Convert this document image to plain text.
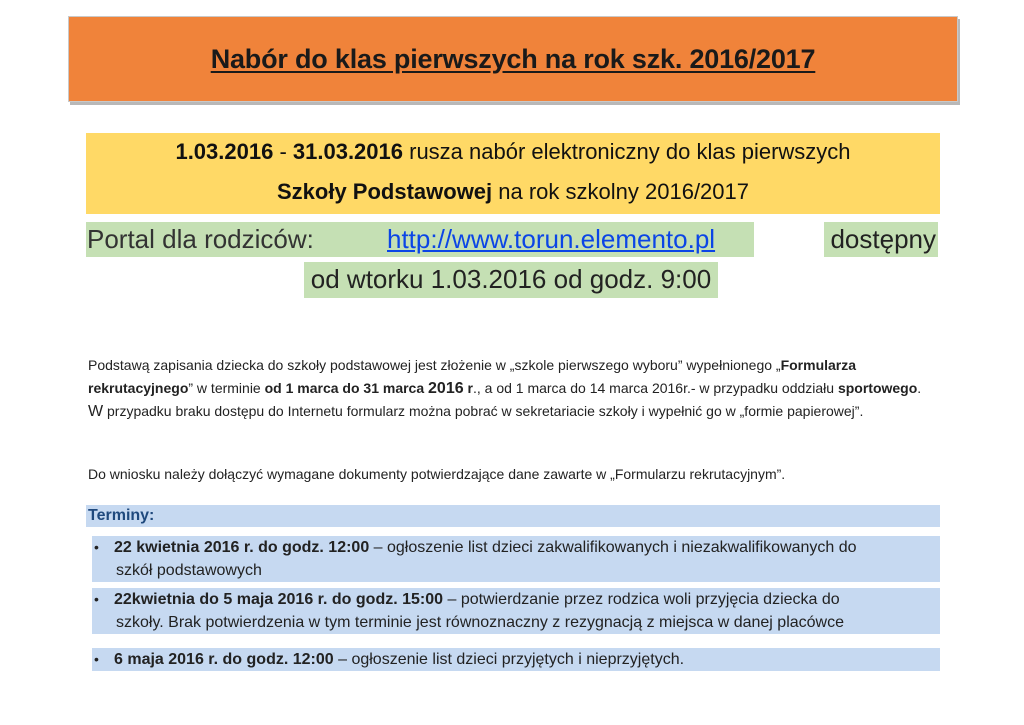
Nabór do klas pierwszych na rok szk. 2016/2017
1.03.2016 - 31.03.2016 rusza nabór elektroniczny do klas pierwszych
Szkoły Podstawowej na rok szkolny 2016/2017
Portal dla rodziców:	http://www.torun.elemento.pl	dostępny
od wtorku 1.03.2016 od godz. 9:00

Podstawą zapisania dziecka do szkoły podstawowej jest złożenie w „szkole pierwszego wyboru” wypełnionego „Formularza rekrutacyjnego” w terminie od 1 marca do 31 marca 2016 r., a od 1 marca do 14 marca 2016r.- w przypadku oddziału sportowego. W przypadku braku dostępu do Internetu formularz można pobrać w sekretariacie szkoły i wypełnić go w „formie papierowej”.

Do wniosku należy dołączyć wymagane dokumenty potwierdzające dane zawarte w „Formularzu rekrutacyjnym”.

Terminy:
• 22 kwietnia 2016 r. do godz. 12:00 – ogłoszenie list dzieci zakwalifikowanych i niezakwalifikowanych do
szkół podstawowych
• 22kwietnia do 5 maja 2016 r. do godz. 15:00 – potwierdzanie przez rodzica woli przyjęcia dziecka do
szkoły. Brak potwierdzenia w tym terminie jest równoznaczny z rezygnacją z miejsca w danej placówce
• 6 maja 2016 r. do godz. 12:00 – ogłoszenie list dzieci przyjętych i nieprzyjętych.
